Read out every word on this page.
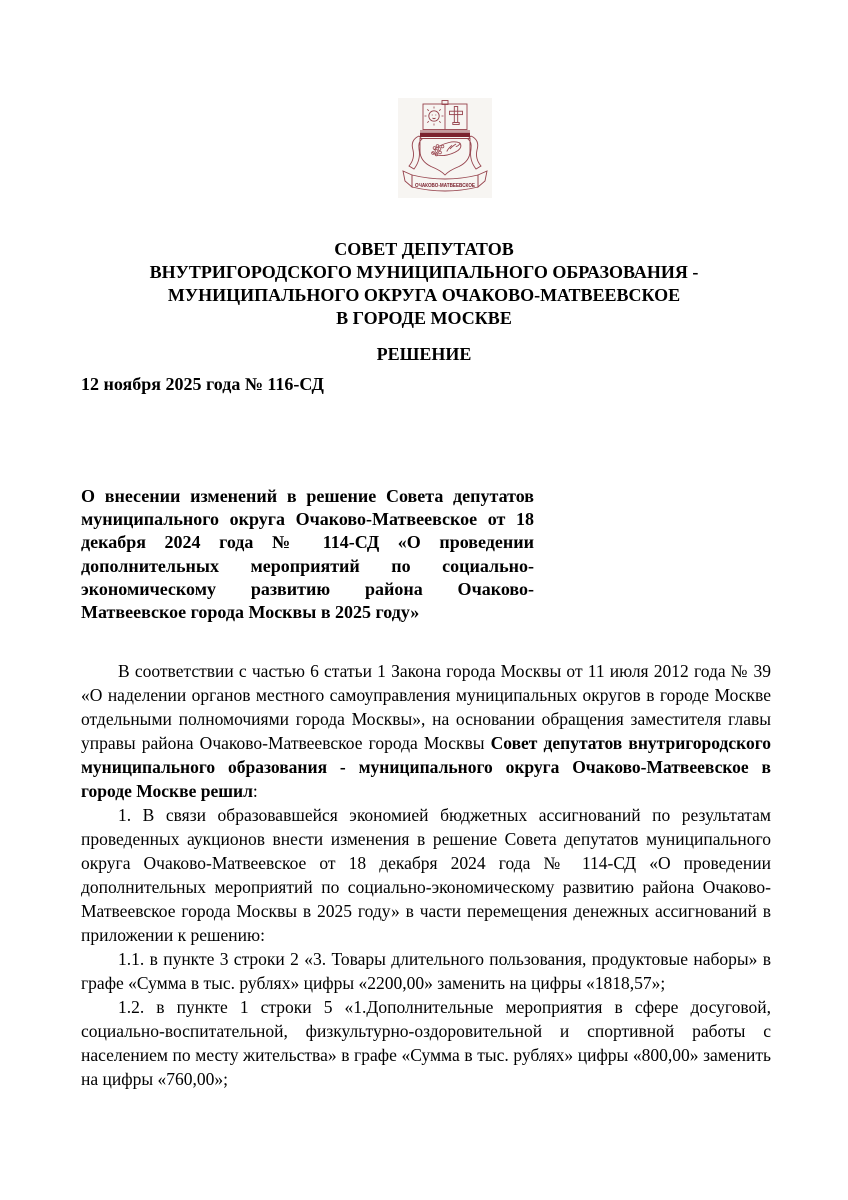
ОЧАКОВО-МАТВЕЕВСКОЕ
СОВЕТ ДЕПУТАТОВ
ВНУТРИГОРОДСКОГО МУНИЦИПАЛЬНОГО ОБРАЗОВАНИЯ -
МУНИЦИПАЛЬНОГО ОКРУГА ОЧАКОВО-МАТВЕЕВСКОЕ
В ГОРОДЕ МОСКВЕ
РЕШЕНИЕ
12 ноября 2025 года № 116-СД
О внесении изменений в решение Совета депутатов муниципального округа Очаково-Матвеевское от 18 декабря 2024 года № 114-СД «О проведении дополнительных мероприятий по социально-экономическому развитию района Очаково-Матвеевское города Москвы в 2025 году»

В соответствии с частью 6 статьи 1 Закона города Москвы от 11 июля 2012 года № 39 «О наделении органов местного самоуправления муниципальных округов в городе Москве отдельными полномочиями города Москвы», на основании обращения заместителя главы управы района Очаково-Матвеевское города Москвы Совет депутатов внутригородского муниципального образования - муниципального округа Очаково-Матвеевское в городе Москве решил:

1. В связи образовавшейся экономией бюджетных ассигнований по результатам проведенных аукционов внести изменения в решение Совета депутатов муниципального округа Очаково-Матвеевское от 18 декабря 2024 года № 114-СД «О проведении дополнительных мероприятий по социально-экономическому развитию района Очаково-Матвеевское города Москвы в 2025 году» в части перемещения денежных ассигнований в приложении к решению:

1.1. в пункте 3 строки 2 «3. Товары длительного пользования, продуктовые наборы» в графе «Сумма в тыс. рублях» цифры «2200,00» заменить на цифры «1818,57»;

1.2. в пункте 1 строки 5 «1.Дополнительные мероприятия в сфере досуговой, социально-воспитательной, физкультурно-оздоровительной и спортивной работы с населением по месту жительства» в графе «Сумма в тыс. рублях» цифры «800,00» заменить на цифры «760,00»;
